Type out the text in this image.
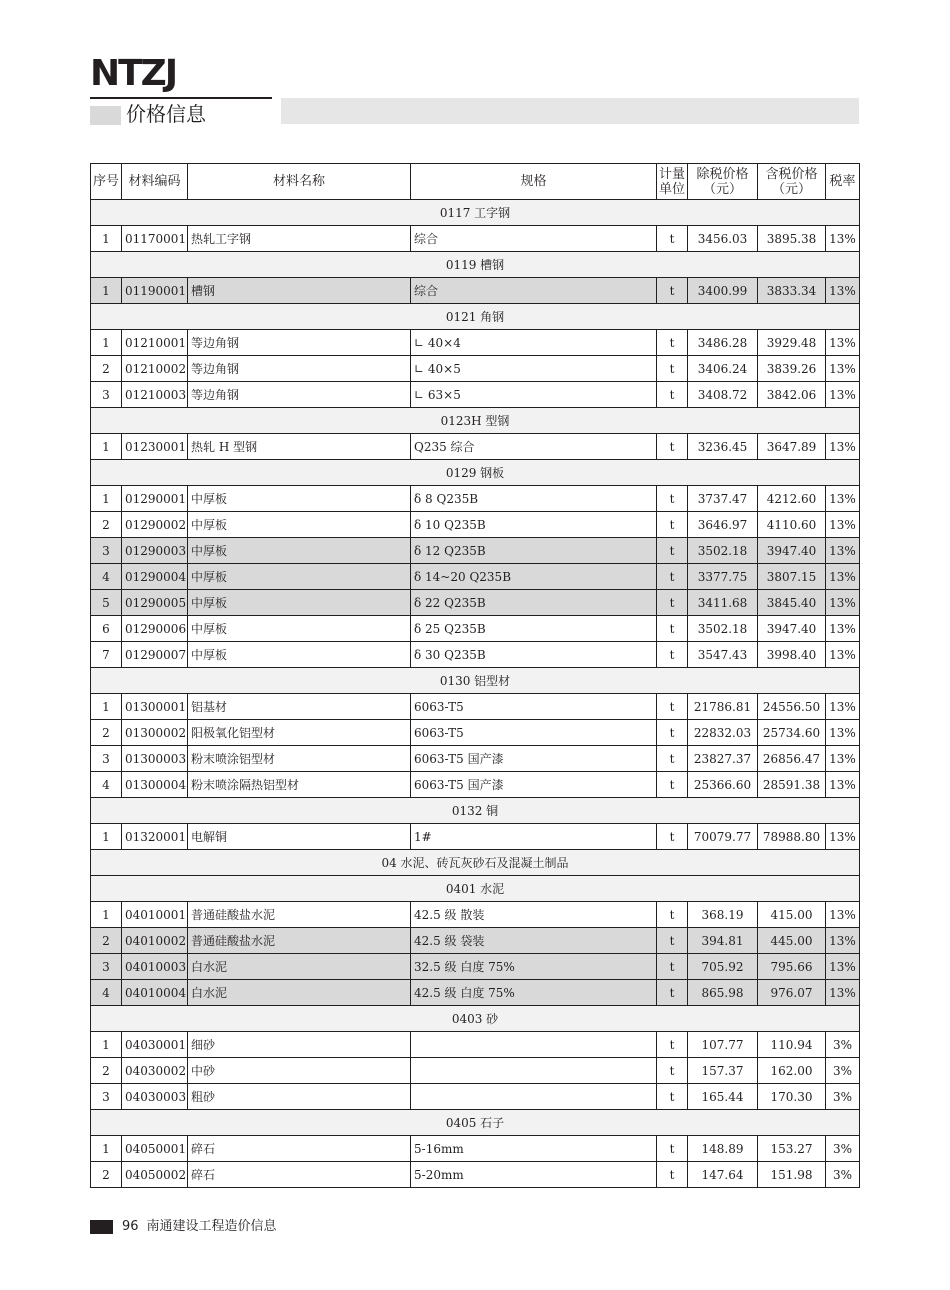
NTZJ
价格信息
序号	材料编码	材料名称	规格	计量单位	除税价格（元）	含税价格（元）	税率
0117 工字钢							
1	01170001	热轧工字钢	综合	t	3456.03	3895.38	13%
0119 槽钢							
1	01190001	槽钢	综合	t	3400.99	3833.34	13%
0121 角钢							
1	01210001	等边角钢	∟ 40×4	t	3486.28	3929.48	13%
2	01210002	等边角钢	∟ 40×5	t	3406.24	3839.26	13%
3	01210003	等边角钢	∟ 63×5	t	3408.72	3842.06	13%
0123H 型钢							
1	01230001	热轧 H 型钢	Q235 综合	t	3236.45	3647.89	13%
0129 钢板							
1	01290001	中厚板	δ 8 Q235B	t	3737.47	4212.60	13%
2	01290002	中厚板	δ 10 Q235B	t	3646.97	4110.60	13%
3	01290003	中厚板	δ 12 Q235B	t	3502.18	3947.40	13%
4	01290004	中厚板	δ 14~20 Q235B	t	3377.75	3807.15	13%
5	01290005	中厚板	δ 22 Q235B	t	3411.68	3845.40	13%
6	01290006	中厚板	δ 25 Q235B	t	3502.18	3947.40	13%
7	01290007	中厚板	δ 30 Q235B	t	3547.43	3998.40	13%
0130 铝型材							
1	01300001	铝基材	6063-T5	t	21786.81	24556.50	13%
2	01300002	阳极氧化铝型材	6063-T5	t	22832.03	25734.60	13%
3	01300003	粉末喷涂铝型材	6063-T5 国产漆	t	23827.37	26856.47	13%
4	01300004	粉末喷涂隔热铝型材	6063-T5 国产漆	t	25366.60	28591.38	13%
0132 铜							
1	01320001	电解铜	1#	t	70079.77	78988.80	13%
04 水泥、砖瓦灰砂石及混凝土制品							
0401 水泥							
1	04010001	普通硅酸盐水泥	42.5 级 散装	t	368.19	415.00	13%
2	04010002	普通硅酸盐水泥	42.5 级 袋装	t	394.81	445.00	13%
3	04010003	白水泥	32.5 级 白度 75%	t	705.92	795.66	13%
4	04010004	白水泥	42.5 级 白度 75%	t	865.98	976.07	13%
0403 砂							
1	04030001	细砂		t	107.77	110.94	3%
2	04030002	中砂		t	157.37	162.00	3%
3	04030003	粗砂		t	165.44	170.30	3%
0405 石子							
1	04050001	碎石	5-16mm	t	148.89	153.27	3%
2	04050002	碎石	5-20mm	t	147.64	151.98	3%
96 南通建设工程造价信息
